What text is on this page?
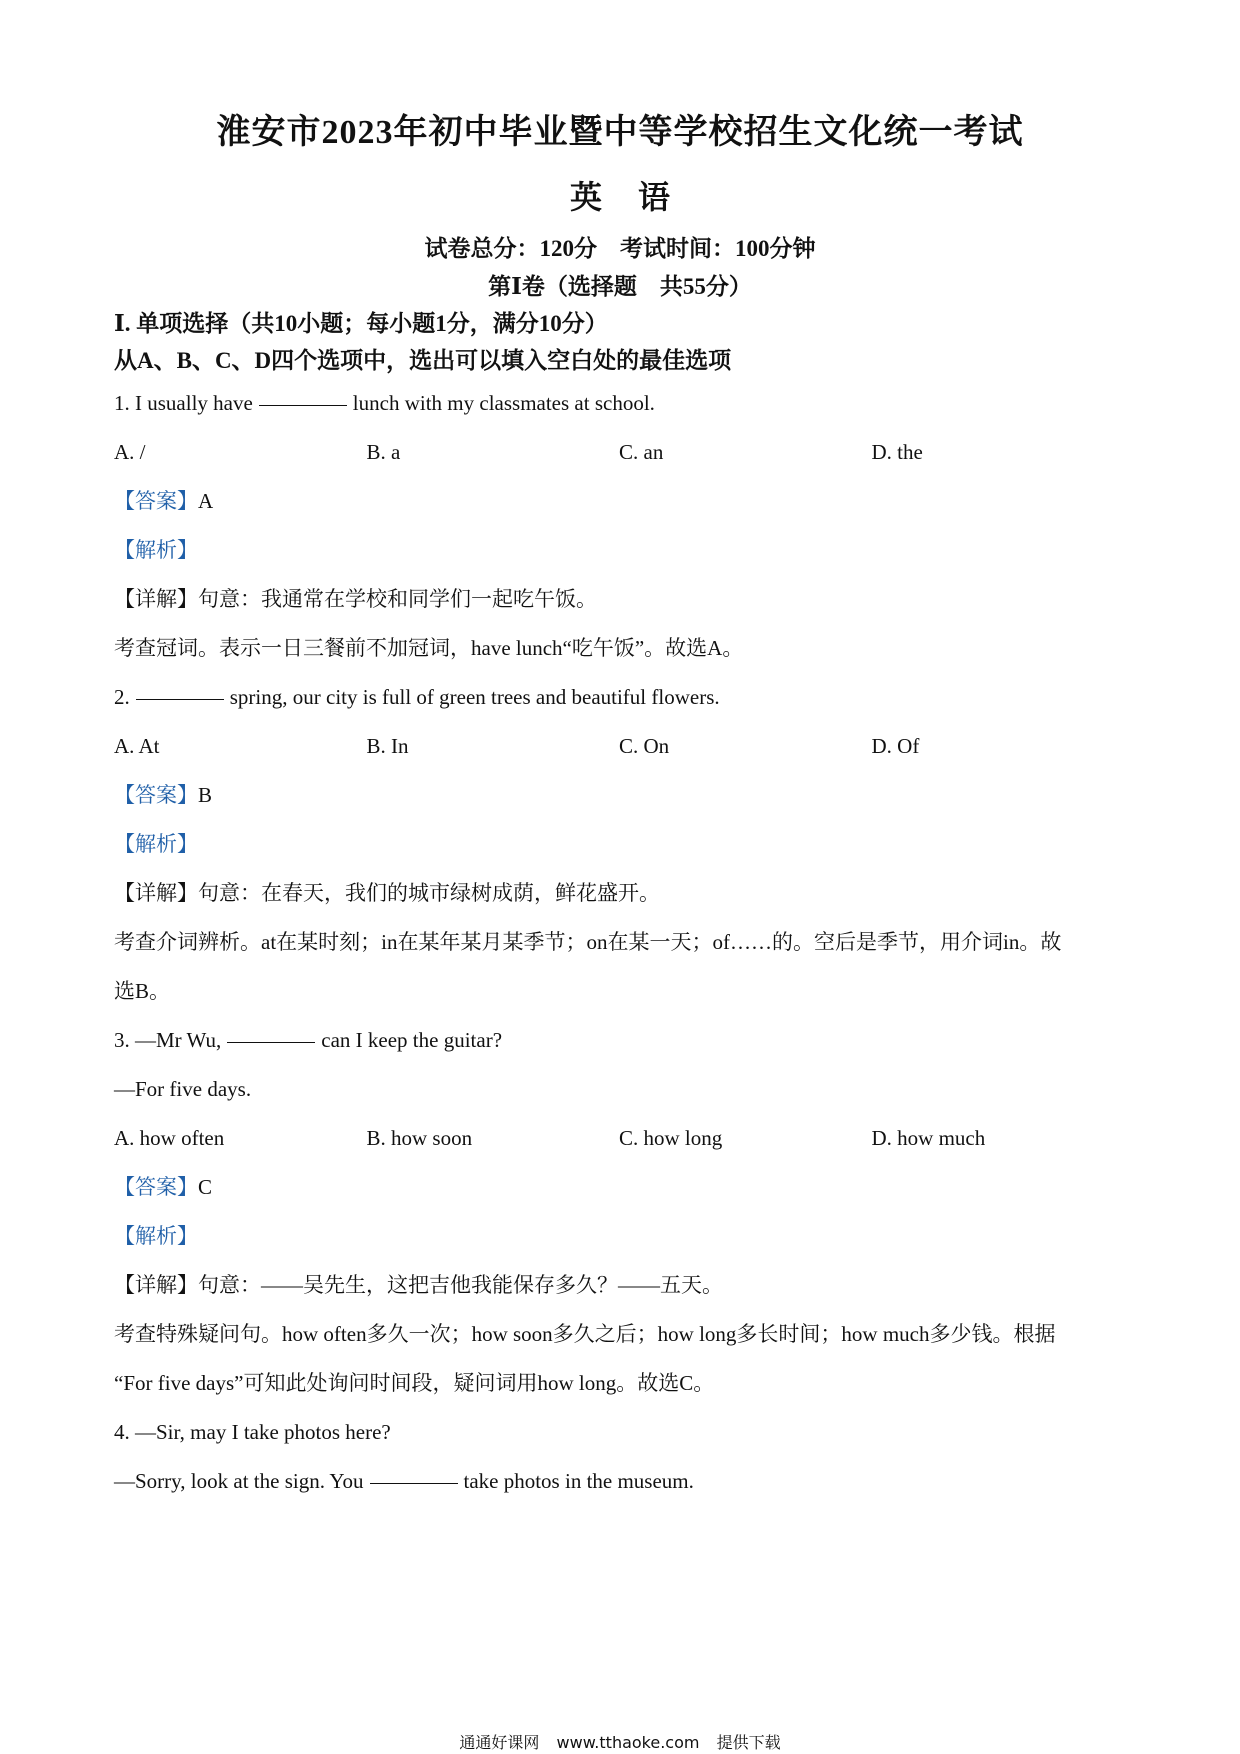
淮安市2023年初中毕业暨中等学校招生文化统一考试
英 语
试卷总分：120分　考试时间：100分钟
第Ⅰ卷（选择题　共55分）
Ⅰ. 单项选择（共10小题；每小题1分，满分10分）
从A、B、C、D四个选项中，选出可以填入空白处的最佳选项
1. I usually have	lunch with my classmates at school.
A. /	B. a	C. an	D. the
【答案】A
【解析】
【详解】句意：我通常在学校和同学们一起吃午饭。
考查冠词。表示一日三餐前不加冠词，have lunch“吃午饭”。故选A。
2.	spring, our city is full of green trees and beautiful flowers.
A. At	B. In	C. On	D. Of
【答案】B
【解析】
【详解】句意：在春天，我们的城市绿树成荫，鲜花盛开。
考查介词辨析。at在某时刻；in在某年某月某季节；on在某一天；of……的。空后是季节，用介词in。故
选B。
3. —Mr Wu,	can I keep the guitar?
—For five days.
A. how often	B. how soon	C. how long	D. how much
【答案】C
【解析】
【详解】句意：——吴先生，这把吉他我能保存多久？——五天。
考查特殊疑问句。how often多久一次；how soon多久之后；how long多长时间；how much多少钱。根据
“For five days”可知此处询问时间段，疑问词用how long。故选C。
4. —Sir, may I take photos here?
—Sorry, look at the sign. You	take photos in the museum.
通通好课网 www.tthaoke.com 提供下载
